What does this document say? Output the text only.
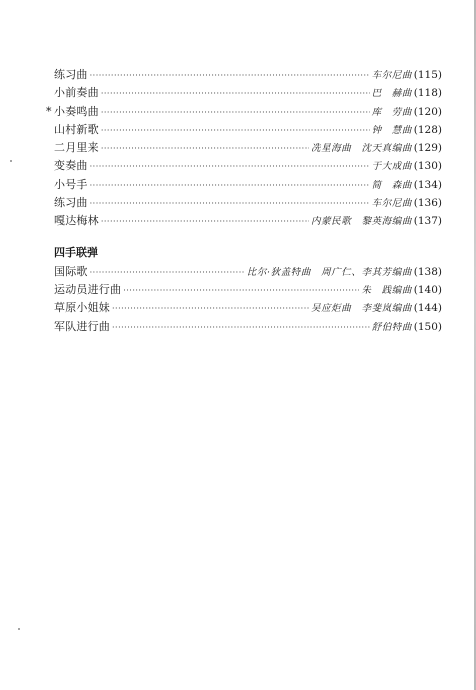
练习曲 ·····	车尔尼曲 (115)
小前奏曲 ·····	巴　赫曲 (118)
* 小奏鸣曲 ·····	库　劳曲 (120)
山村新歌 ·····	钟　慧曲 (128)
二月里来 ·····	冼星海曲　沈天真编曲 (129)
变奏曲 ·····	于大成曲 (130)
小号手 ·····	简　森曲 (134)
练习曲 ·····	车尔尼曲 (136)
嘎达梅林 ·····	内蒙民歌　黎英海编曲 (137)
四手联弹
国际歌 ·····	比尔·狄盖特曲　周广仁、李其芳编曲 (138)
运动员进行曲 ·····	朱　践编曲 (140)
草原小姐妹 ·····	吴应炬曲　李斐岚编曲 (144)
军队进行曲 ·····	舒伯特曲 (150)
